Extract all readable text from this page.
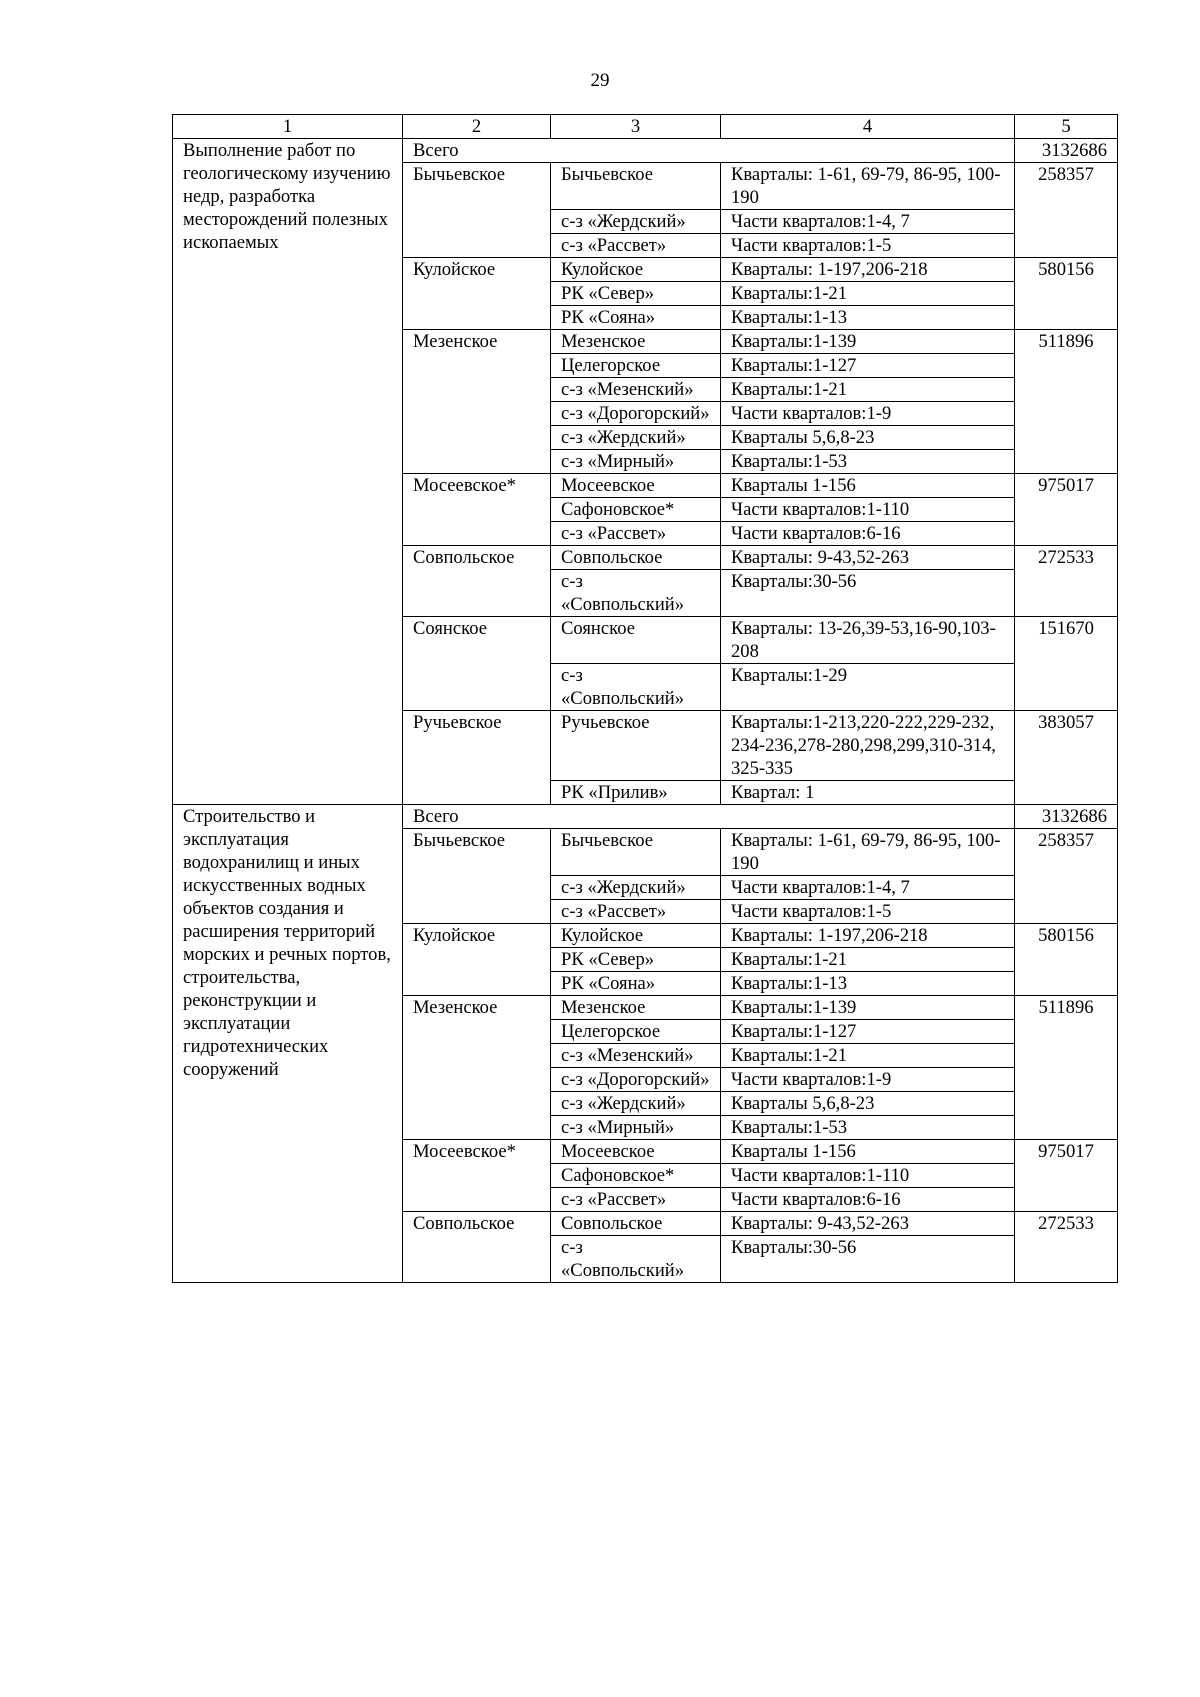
29
1	2	3	4	5
Выполнение работ по геологическому изучению недр, разработка месторождений полезных ископаемых	Всего			3132686
	Бычьевское	Бычьевское	Кварталы: 1-61, 69-79, 86-95, 100-190	258357
		с-з «Жердский»	Части кварталов:1-4, 7	
		с-з «Рассвет»	Части кварталов:1-5	
	Кулойское	Кулойское	Кварталы: 1-197,206-218	580156
		РК «Север»	Кварталы:1-21	
		РК «Сояна»	Кварталы:1-13	
	Мезенское	Мезенское	Кварталы:1-139	511896
		Целегорское	Кварталы:1-127	
		с-з «Мезенский»	Кварталы:1-21	
		с-з «Дорогорский»	Части кварталов:1-9	
		с-з «Жердский»	Кварталы 5,6,8-23	
		с-з «Мирный»	Кварталы:1-53	
	Мосеевское*	Мосеевское	Кварталы 1-156	975017
		Сафоновское*	Части кварталов:1-110	
		с-з «Рассвет»	Части кварталов:6-16	
	Совпольское	Совпольское	Кварталы: 9-43,52-263	272533
		с-з «Совпольский»	Кварталы:30-56	
	Соянское	Соянское	Кварталы: 13-26,39-53,16-90,103-208	151670
		с-з «Совпольский»	Кварталы:1-29	
	Ручьевское	Ручьевское	Кварталы:1-213,220-222,229-232, 234-236,278-280,298,299,310-314, 325-335	383057
		РК «Прилив»	Квартал: 1	
Строительство и эксплуатация водохранилищ и иных искусственных водных объектов создания и расширения территорий морских и речных портов, строительства, реконструкции и эксплуатации гидротехнических сооружений	Всего			3132686
	Бычьевское	Бычьевское	Кварталы: 1-61, 69-79, 86-95, 100-190	258357
		с-з «Жердский»	Части кварталов:1-4, 7	
		с-з «Рассвет»	Части кварталов:1-5	
	Кулойское	Кулойское	Кварталы: 1-197,206-218	580156
		РК «Север»	Кварталы:1-21	
		РК «Сояна»	Кварталы:1-13	
	Мезенское	Мезенское	Кварталы:1-139	511896
		Целегорское	Кварталы:1-127	
		с-з «Мезенский»	Кварталы:1-21	
		с-з «Дорогорский»	Части кварталов:1-9	
		с-з «Жердский»	Кварталы 5,6,8-23	
		с-з «Мирный»	Кварталы:1-53	
	Мосеевское*	Мосеевское	Кварталы 1-156	975017
		Сафоновское*	Части кварталов:1-110	
		с-з «Рассвет»	Части кварталов:6-16	
	Совпольское	Совпольское	Кварталы: 9-43,52-263	272533
		с-з «Совпольский»	Кварталы:30-56	
